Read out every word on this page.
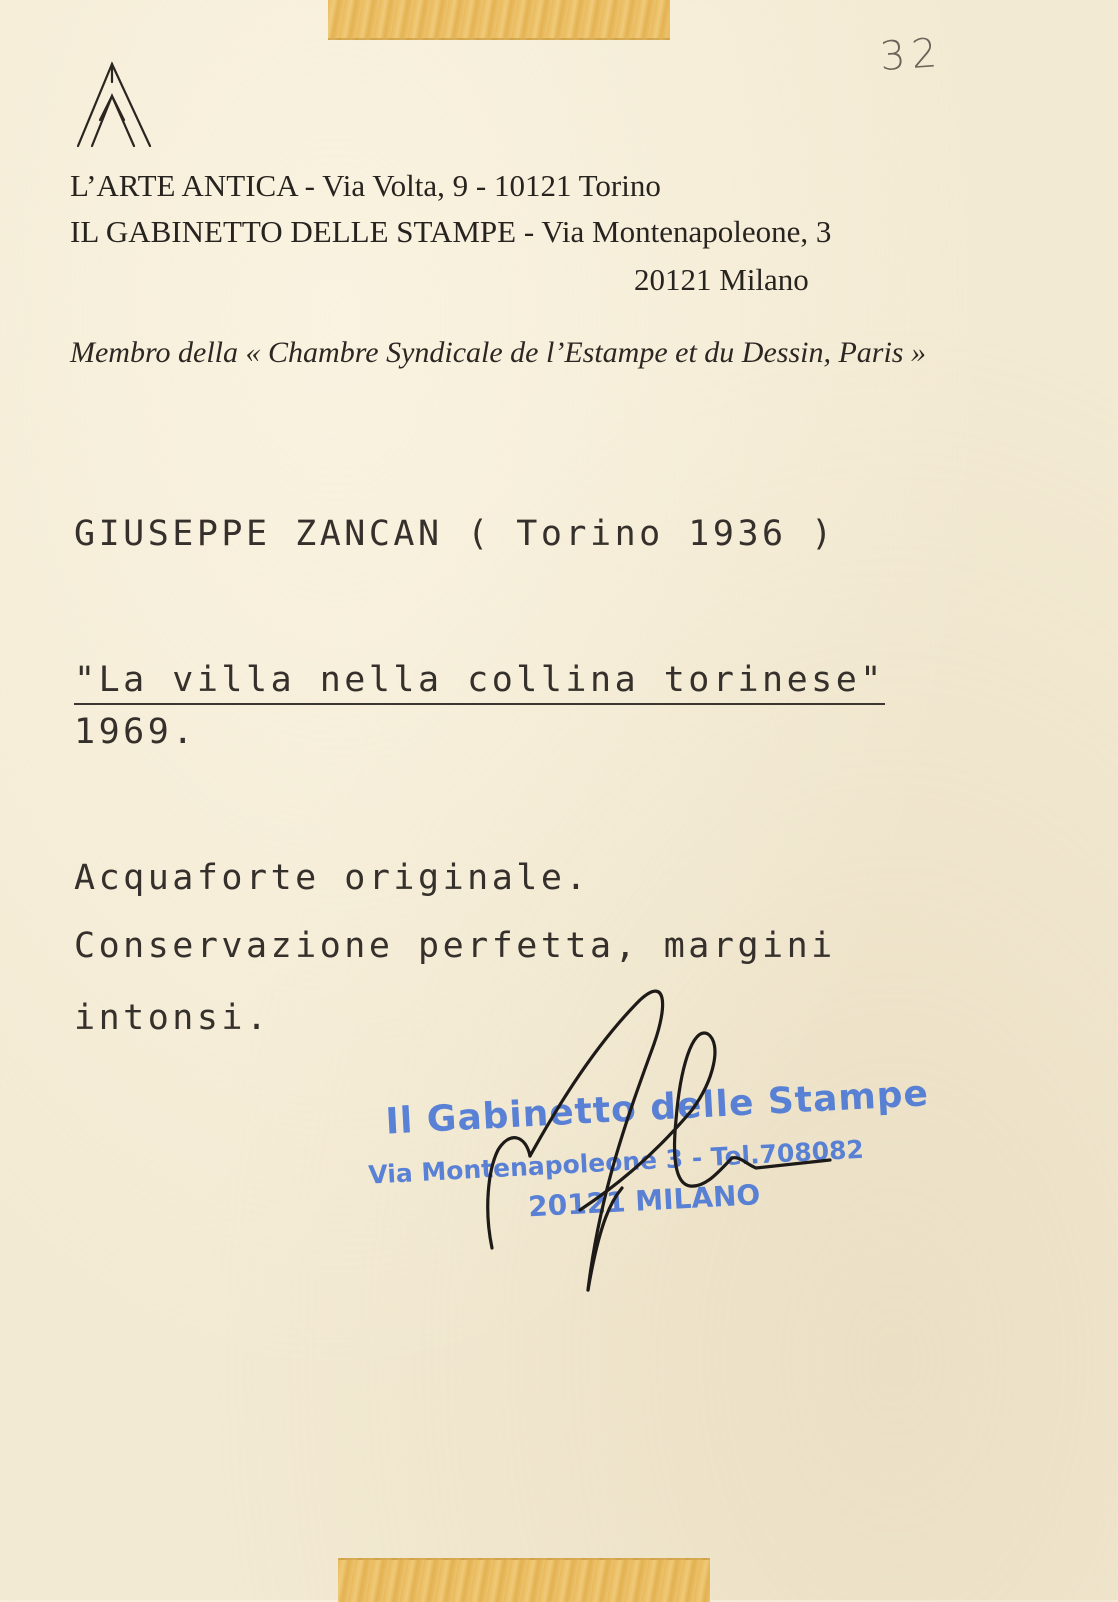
32
L’ARTE ANTICA - Via Volta, 9 - 10121 Torino
IL GABINETTO DELLE STAMPE - Via Montenapoleone, 3
20121 Milano
Membro della « Chambre Syndicale de l’Estampe et du Dessin, Paris »
GIUSEPPE ZANCAN ( Torino 1936 )
"La villa nella collina torinese"
1969.
Acquaforte originale.
Conservazione perfetta, margini
intonsi.
Il Gabinetto delle Stampe
Via Montenapoleone 3 - Tel.708082
20121 MILANO
